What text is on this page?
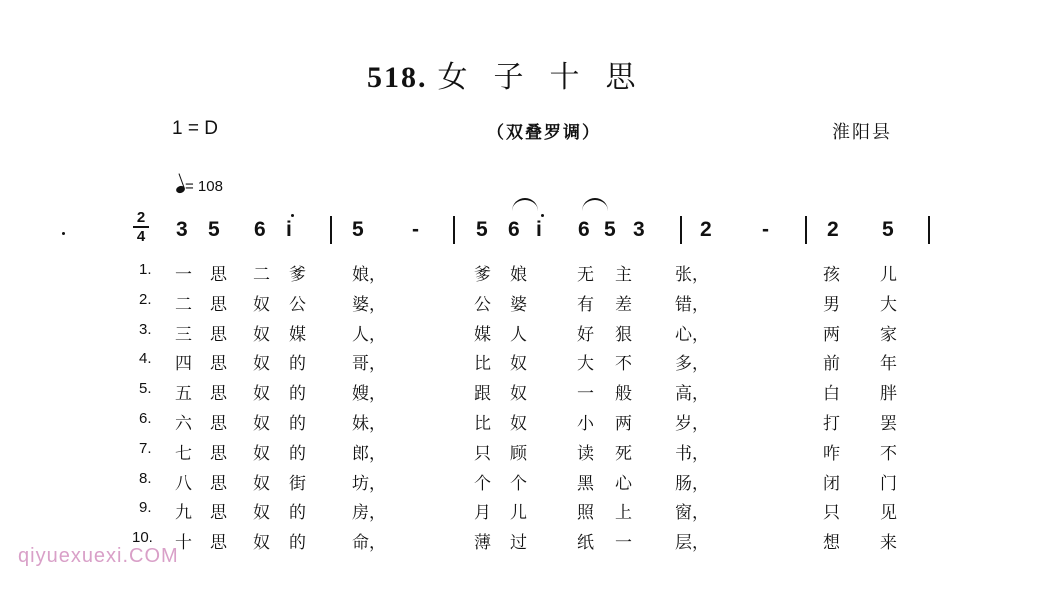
518. 女子十思
1 = D	（双叠罗调）	淮阳县
= 108
2
4 3 5 6 i	5 -	5 6 i 6 5 3	2 -	2 5
1. 一 思 二 爹	娘，	爹 娘	无 主	张，	孩 儿
2. 二 思 奴 公	婆，	公 婆	有 差	错，	男 大
3. 三 思 奴 媒	人，	媒 人	好 狠	心，	两 家
4. 四 思 奴 的	哥，	比 奴	大 不	多，	前 年
5. 五 思 奴 的	嫂，	跟 奴	一 般	高，	白 胖
6. 六 思 奴 的	妹，	比 奴	小 两	岁，	打 罢
7. 七 思 奴 的	郎，	只 顾	读 死	书，	咋 不
8. 八 思 奴 街	坊，	个 个	黑 心	肠，	闭 门
9. 九 思 奴 的	房，	月 儿	照 上	窗，	只 见
10. 十 思 奴 的	命，	薄 过	纸 一	层，	想 来
qiyuexuexi.COM
